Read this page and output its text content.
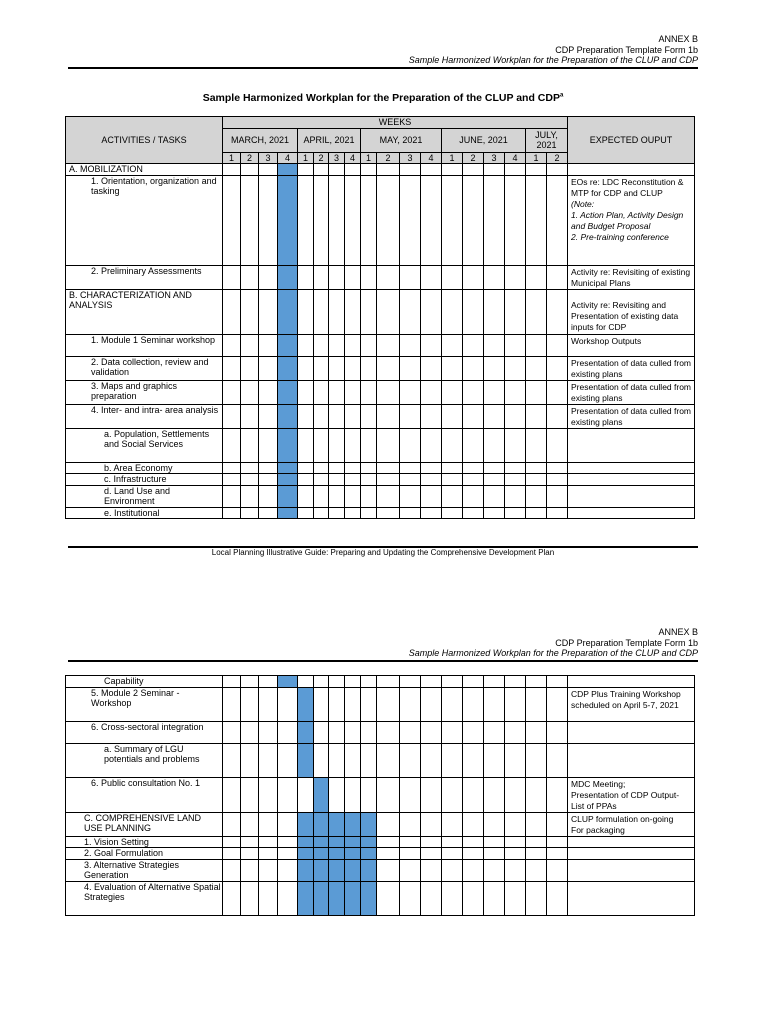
ANNEX B
CDP Preparation Template Form 1b
Sample Harmonized Workplan for the Preparation of the CLUP and CDP
Sample Harmonized Workplan for the Preparation of the CLUP and CDP$^a$
ACTIVITIES / TASKS	WEEKS																		EXPECTED OUPUT
	MARCH, 2021				APRIL, 2021				MAY, 2021				JUNE, 2021				JULY, 2021		
	1	2	3	4	1	2	3	4	1	2	3	4	1	2	3	4	1	2	
A. MOBILIZATION																			
1. Orientation, organization and tasking																			EOs re: LDC Reconstitution & MTP for CDP and CLUP
(Note:
1. Action Plan, Activity Design and Budget Proposal
2. Pre-training conference

2. Preliminary Assessments																			Activity re: Revisiting of existing Municipal Plans

B. CHARACTERIZATION AND ANALYSIS																			Activity re: Revisiting and Presentation of existing data inputs for CDP

1. Module 1 Seminar workshop																			Workshop Outputs

2. Data collection, review and validation																			Presentation of data culled from existing plans

3. Maps and graphics preparation																			Presentation of data culled from existing plans

4. Inter- and intra- area analysis																			Presentation of data culled from existing plans

a. Population, Settlements and Social Services																			
b. Area Economy																			
c. Infrastructure																			
d. Land Use and Environment																			
e. Institutional																			
Local Planning Illustrative Guide: Preparing and Updating the Comprehensive Development Plan
ANNEX B
CDP Preparation Template Form 1b
Sample Harmonized Workplan for the Preparation of the CLUP and CDP
Capability																			
5. Module 2 Seminar - Workshop																			CDP Plus Training Workshop scheduled on April 5-7, 2021

6. Cross-sectoral integration																			
a. Summary of LGU potentials and problems																			
6. Public consultation No. 1																			MDC Meeting;
Presentation of CDP Output-List of PPAs

C. COMPREHENSIVE LAND USE PLANNING																			CLUP formulation on-going
For packaging

1. Vision Setting																			
2. Goal Formulation																			
3. Alternative Strategies Generation																			
4. Evaluation of Alternative Spatial Strategies																			
